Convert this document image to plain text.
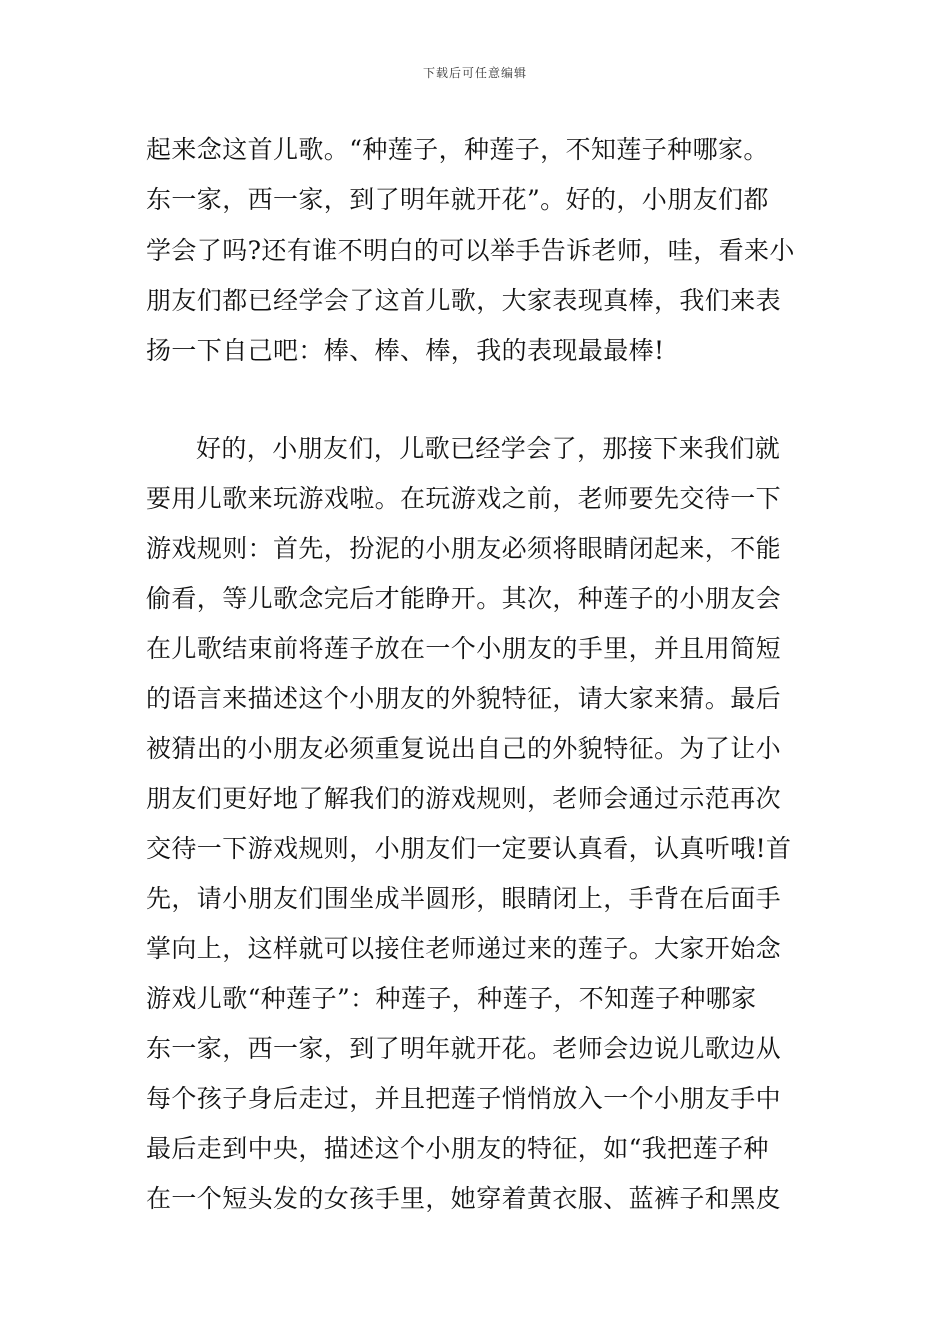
下载后可任意编辑
起来念这首儿歌。“种莲子，种莲子，不知莲子种哪家。
东一家，西一家，到了明年就开花”。好的，小朋友们都
学会了吗?还有谁不明白的可以举手告诉老师，哇，看来小
朋友们都已经学会了这首儿歌，大家表现真棒，我们来表
扬一下自己吧：棒、棒、棒，我的表现最最棒!
好的，小朋友们，儿歌已经学会了，那接下来我们就
要用儿歌来玩游戏啦。在玩游戏之前，老师要先交待一下
游戏规则：首先，扮泥的小朋友必须将眼睛闭起来，不能
偷看，等儿歌念完后才能睁开。其次，种莲子的小朋友会
在儿歌结束前将莲子放在一个小朋友的手里，并且用简短
的语言来描述这个小朋友的外貌特征，请大家来猜。最后
被猜出的小朋友必须重复说出自己的外貌特征。为了让小
朋友们更好地了解我们的游戏规则，老师会通过示范再次
交待一下游戏规则，小朋友们一定要认真看，认真听哦!首
先，请小朋友们围坐成半圆形，眼睛闭上，手背在后面手
掌向上，这样就可以接住老师递过来的莲子。大家开始念
游戏儿歌“种莲子”：种莲子，种莲子，不知莲子种哪家
东一家，西一家，到了明年就开花。老师会边说儿歌边从
每个孩子身后走过，并且把莲子悄悄放入一个小朋友手中
最后走到中央，描述这个小朋友的特征，如“我把莲子种
在一个短头发的女孩手里，她穿着黄衣服、蓝裤子和黑皮
